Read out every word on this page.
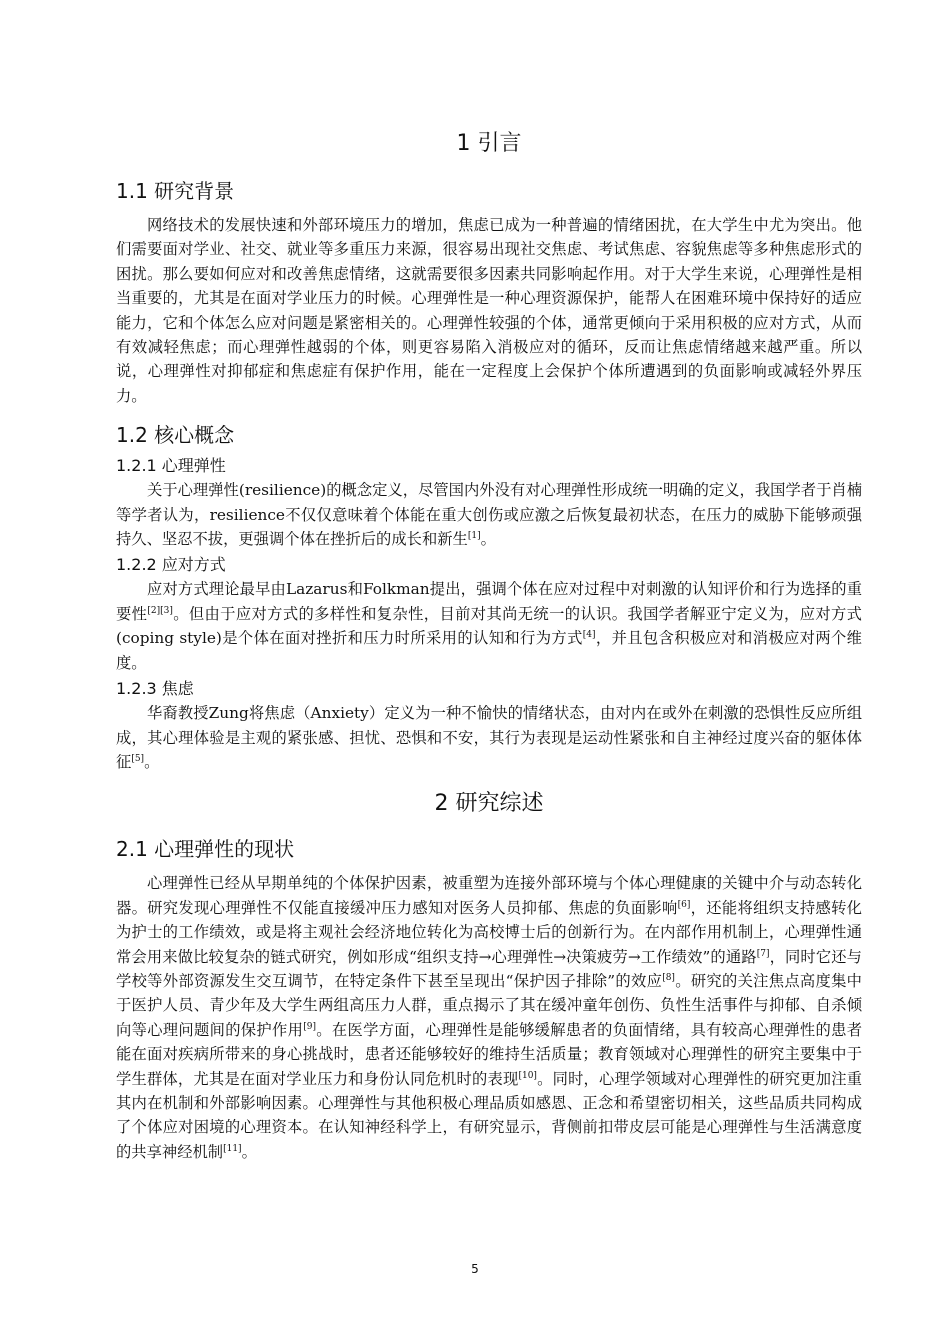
1 引言
1.1 研究背景

网络技术的发展快速和外部环境压力的增加，焦虑已成为一种普遍的情绪困扰，在大学生中尤为突出。他们需要面对学业、社交、就业等多重压力来源，很容易出现社交焦虑、考试焦虑、容貌焦虑等多种焦虑形式的困扰。那么要如何应对和改善焦虑情绪，这就需要很多因素共同影响起作用。对于大学生来说，心理弹性是相当重要的，尤其是在面对学业压力的时候。心理弹性是一种心理资源保护，能帮人在困难环境中保持好的适应能力，它和个体怎么应对问题是紧密相关的。心理弹性较强的个体，通常更倾向于采用积极的应对方式，从而有效减轻焦虑；而心理弹性越弱的个体，则更容易陷入消极应对的循环，反而让焦虑情绪越来越严重。所以说，心理弹性对抑郁症和焦虑症有保护作用，能在一定程度上会保护个体所遭遇到的负面影响或减轻外界压力。

1.2 核心概念
1.2.1 心理弹性

关于心理弹性(resilience)的概念定义，尽管国内外没有对心理弹性形成统一明确的定义，我国学者于肖楠等学者认为，resilience不仅仅意味着个体能在重大创伤或应激之后恢复最初状态，在压力的威胁下能够顽强持久、坚忍不拔，更强调个体在挫折后的成长和新生[1]。

1.2.2 应对方式

应对方式理论最早由Lazarus和Folkman提出，强调个体在应对过程中对刺激的认知评价和行为选择的重要性[2][3]。但由于应对方式的多样性和复杂性，目前对其尚无统一的认识。我国学者解亚宁定义为，应对方式(coping style)是个体在面对挫折和压力时所采用的认知和行为方式[4]，并且包含积极应对和消极应对两个维度。

1.2.3 焦虑

华裔教授Zung将焦虑（Anxiety）定义为一种不愉快的情绪状态，由对内在或外在刺激的恐惧性反应所组成，其心理体验是主观的紧张感、担忧、恐惧和不安，其行为表现是运动性紧张和自主神经过度兴奋的躯体体征[5]。

2 研究综述
2.1 心理弹性的现状

心理弹性已经从早期单纯的个体保护因素，被重塑为连接外部环境与个体心理健康的关键中介与动态转化器。研究发现心理弹性不仅能直接缓冲压力感知对医务人员抑郁、焦虑的负面影响[6]，还能将组织支持感转化为护士的工作绩效，或是将主观社会经济地位转化为高校博士后的创新行为。在内部作用机制上，心理弹性通常会用来做比较复杂的链式研究，例如形成“组织支持→心理弹性→决策疲劳→工作绩效”的通路[7]，同时它还与学校等外部资源发生交互调节，在特定条件下甚至呈现出“保护因子排除”的效应[8]。研究的关注焦点高度集中于医护人员、青少年及大学生两组高压力人群，重点揭示了其在缓冲童年创伤、负性生活事件与抑郁、自杀倾向等心理问题间的保护作用[9]。在医学方面，心理弹性是能够缓解患者的负面情绪，具有较高心理弹性的患者能在面对疾病所带来的身心挑战时，患者还能够较好的维持生活质量；教育领域对心理弹性的研究主要集中于学生群体，尤其是在面对学业压力和身份认同危机时的表现[10]。同时，心理学领域对心理弹性的研究更加注重其内在机制和外部影响因素。心理弹性与其他积极心理品质如感恩、正念和希望密切相关，这些品质共同构成了个体应对困境的心理资本。在认知神经科学上，有研究显示，背侧前扣带皮层可能是心理弹性与生活满意度的共享神经机制[11]。

5
